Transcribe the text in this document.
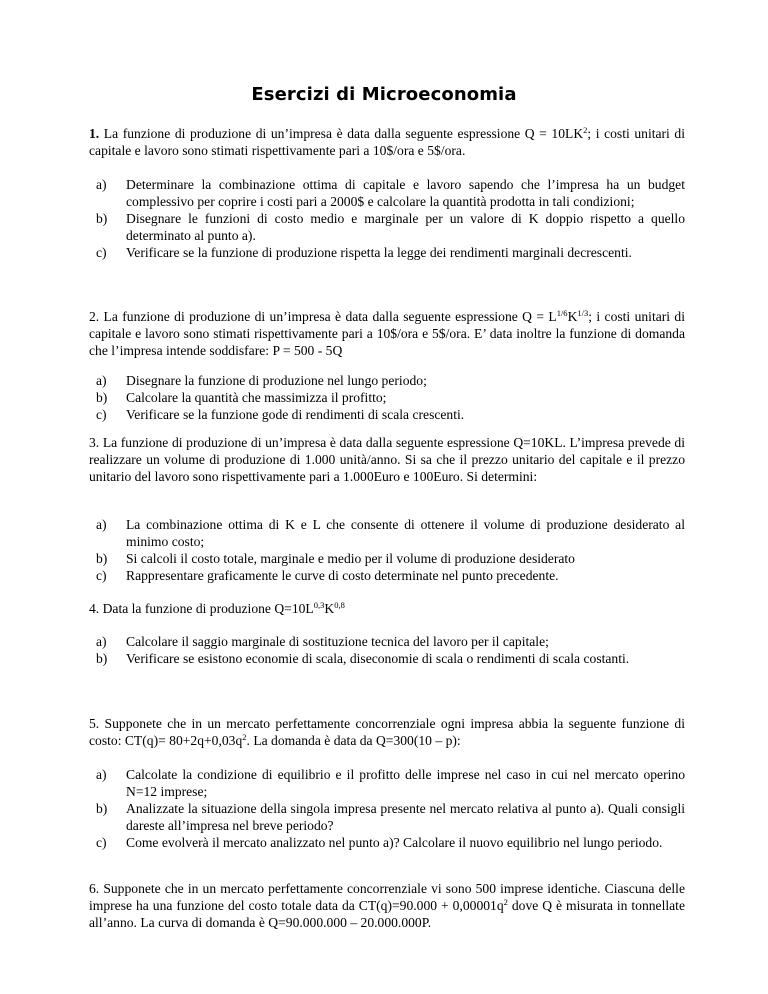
Esercizi di Microeconomia
1. La funzione di produzione di un’impresa è data dalla seguente espressione $Q = 10LK^2$; i costi unitari di capitale e lavoro sono stimati rispettivamente pari a 10$/ora e 5$/ora.
a) Determinare la combinazione ottima di capitale e lavoro sapendo che l’impresa ha un budget complessivo per coprire i costi pari a 2000$ e calcolare la quantità prodotta in tali condizioni;
b) Disegnare le funzioni di costo medio e marginale per un valore di K doppio rispetto a quello determinato al punto a).
c) Verificare se la funzione di produzione rispetta la legge dei rendimenti marginali decrescenti.
2. La funzione di produzione di un’impresa è data dalla seguente espressione $Q = L^{1/6}K^{1/3}$; i costi unitari di capitale e lavoro sono stimati rispettivamente pari a 10$/ora e 5$/ora. E’ data inoltre la funzione di domanda che l’impresa intende soddisfare: P = 500 - 5Q
a) Disegnare la funzione di produzione nel lungo periodo;
b) Calcolare la quantità che massimizza il profitto;
c) Verificare se la funzione gode di rendimenti di scala crescenti.
3. La funzione di produzione di un’impresa è data dalla seguente espressione Q=10KL. L’impresa prevede di realizzare un volume di produzione di 1.000 unità/anno. Si sa che il prezzo unitario del capitale e il prezzo unitario del lavoro sono rispettivamente pari a 1.000Euro e 100Euro. Si determini:
a) La combinazione ottima di K e L che consente di ottenere il volume di produzione desiderato al minimo costo;
b) Si calcoli il costo totale, marginale e medio per il volume di produzione desiderato
c) Rappresentare graficamente le curve di costo determinate nel punto precedente.
4. Data la funzione di produzione $Q=10L^{0,3}K^{0,8}$
a) Calcolare il saggio marginale di sostituzione tecnica del lavoro per il capitale;
b) Verificare se esistono economie di scala, diseconomie di scala o rendimenti di scala costanti.
5. Supponete che in un mercato perfettamente concorrenziale ogni impresa abbia la seguente funzione di costo: $CT(q)= 80+2q+0,03q^2$. La domanda è data da Q=300(10 – p):
a) Calcolate la condizione di equilibrio e il profitto delle imprese nel caso in cui nel mercato operino N=12 imprese;
b) Analizzate la situazione della singola impresa presente nel mercato relativa al punto a). Quali consigli dareste all’impresa nel breve periodo?
c) Come evolverà il mercato analizzato nel punto a)? Calcolare il nuovo equilibrio nel lungo periodo.
6. Supponete che in un mercato perfettamente concorrenziale vi sono 500 imprese identiche. Ciascuna delle imprese ha una funzione del costo totale data da $CT(q)=90.000 + 0,00001q^2$ dove Q è misurata in tonnellate all’anno. La curva di domanda è Q=90.000.000 – 20.000.000P.
